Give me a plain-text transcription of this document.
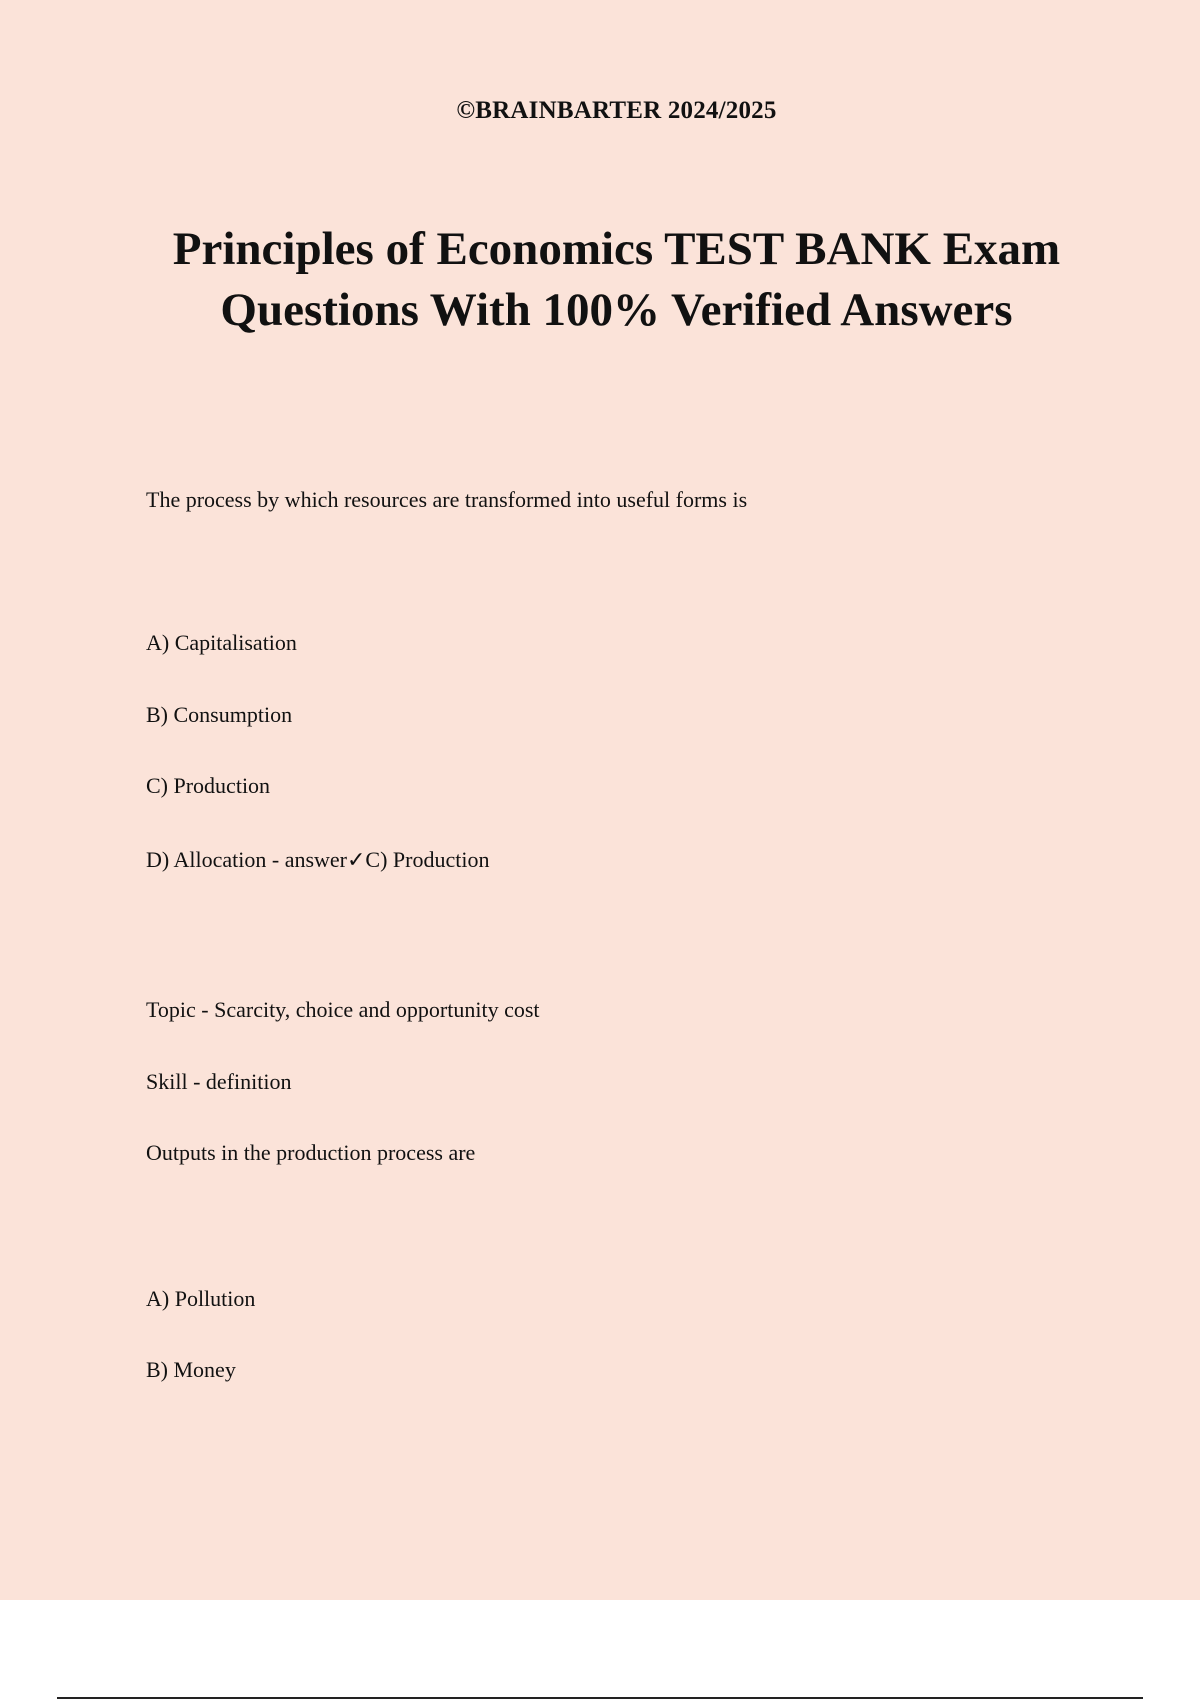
©BRAINBARTER 2024/2025
Principles of Economics TEST BANK Exam Questions With 100% Verified Answers
The process by which resources are transformed into useful forms is
A) Capitalisation
B) Consumption
C) Production
D) Allocation - answer✓C) Production
Topic - Scarcity, choice and opportunity cost
Skill - definition
Outputs in the production process are
A) Pollution
B) Money
